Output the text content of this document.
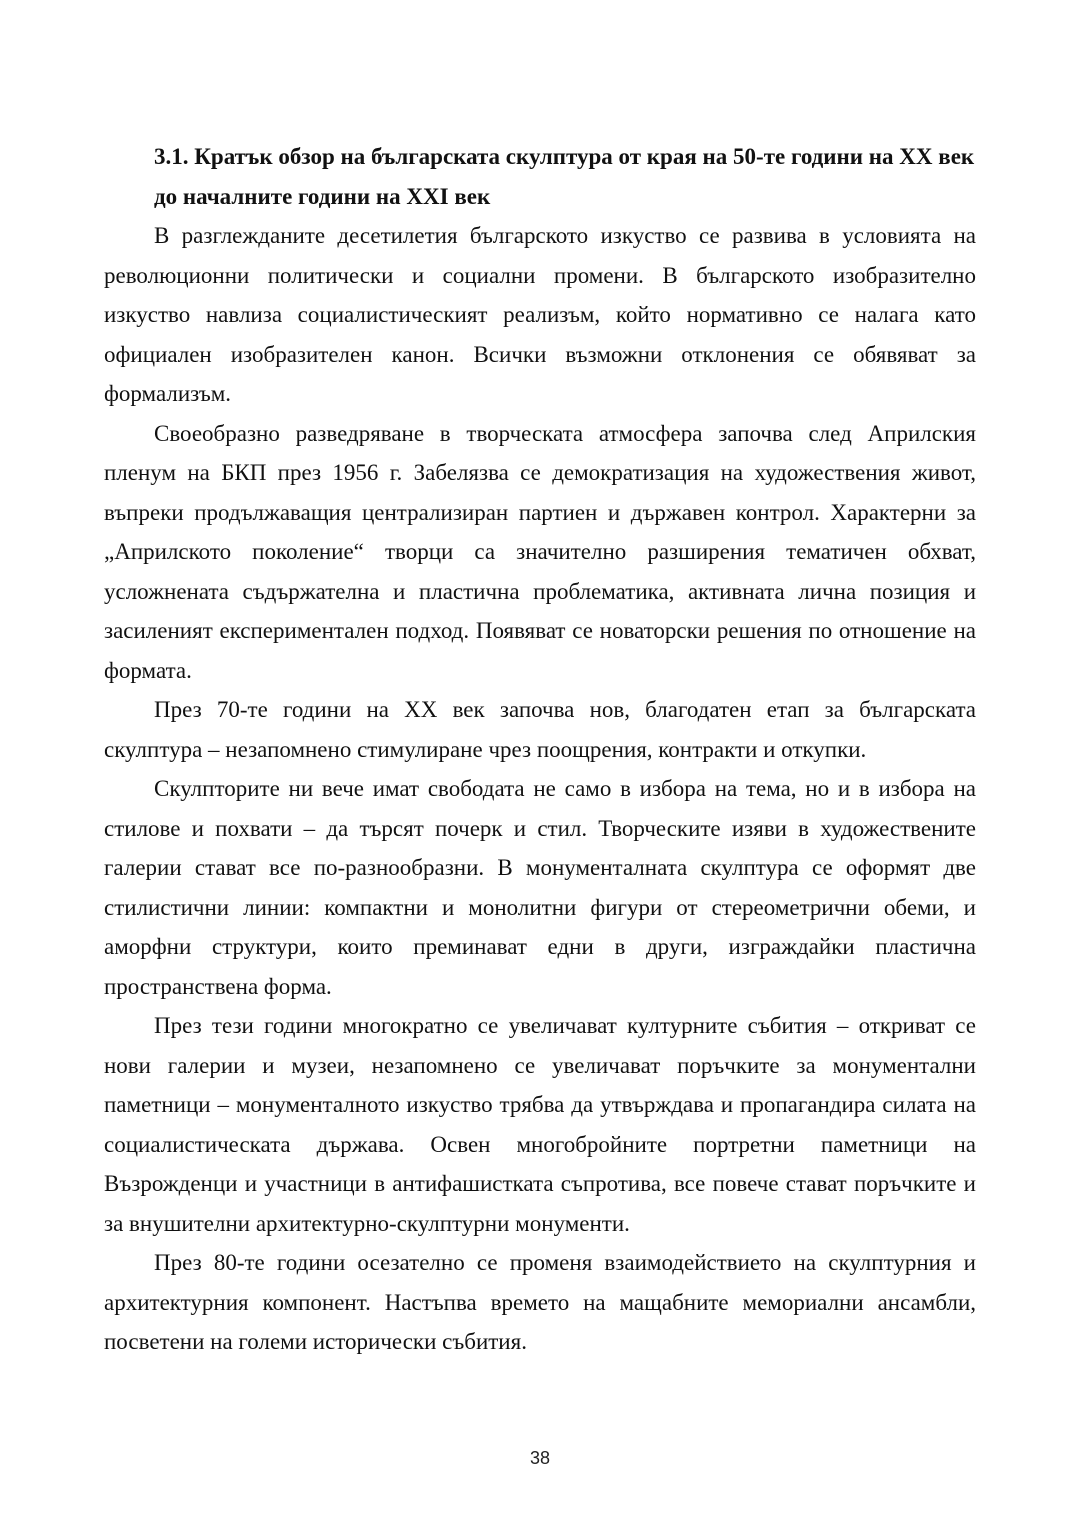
3.1. Кратък обзор на българската скулптура от края на 50-те години на XX век до началните години на XXI век

В разглежданите десетилетия българското изкуство се развива в условията на революционни политически и социални промени. В българското изобразително изкуство навлиза социалистическият реализъм, който нормативно се налага като официален изобразителен канон. Всички възможни отклонения се обявяват за формализъм.

Своеобразно разведряване в творческата атмосфера започва след Априлския пленум на БКП през 1956 г. Забелязва се демократизация на художествения живот, въпреки продължаващия централизиран партиен и държавен контрол. Характерни за „Априлското поколение“ творци са значително разширения тематичен обхват, усложнената съдържателна и пластична проблематика, активната лична позиция и засиленият експериментален подход. Появяват се новаторски решения по отношение на формата.

През 70-те години на XX век започва нов, благодатен етап за българската скулптура – незапомнено стимулиране чрез поощрения, контракти и откупки.

Скулпторите ни вече имат свободата не само в избора на тема, но и в избора на стилове и похвати – да търсят почерк и стил. Творческите изяви в художествените галерии стават все по-разнообразни. В монументалната скулптура се оформят две стилистични линии: компактни и монолитни фигури от стереометрични обеми, и аморфни структури, които преминават едни в други, изграждайки пластична пространствена форма.

През тези години многократно се увеличават културните събития – откриват се нови галерии и музеи, незапомнено се увеличават поръчките за монументални паметници – монументалното изкуство трябва да утвърждава и пропагандира силата на социалистическата държава. Освен многобройните портретни паметници на Възрожденци и участници в антифашистката съпротива, все повече стават поръчките и за внушителни архитектурно-скулптурни монументи.

През 80-те години осезателно се променя взаимодействието на скулптурния и архитектурния компонент. Настъпва времето на мащабните мемориални ансамбли, посветени на големи исторически събития.

38
